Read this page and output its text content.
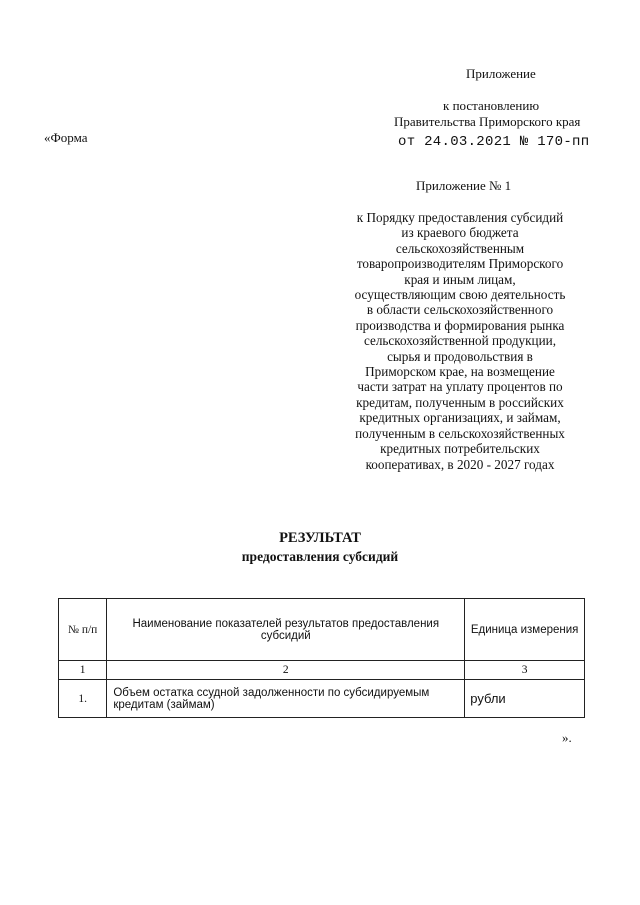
Приложение
к постановлению
Правительства Приморского края
«Форма	от 24.03.2021 № 170-пп
Приложение № 1
к Порядку предоставления субсидий
из краевого бюджета
сельскохозяйственным
товаропроизводителям Приморского
края и иным лицам,
осуществляющим свою деятельность
в области сельскохозяйственного
производства и формирования рынка
сельскохозяйственной продукции,
сырья и продовольствия в
Приморском крае, на возмещение
части затрат на уплату процентов по
кредитам, полученным в российских
кредитных организациях, и займам,
полученным в сельскохозяйственных
кредитных потребительских
кооперативах, в 2020 - 2027 годах
РЕЗУЛЬТАТ
предоставления субсидий
№ п/п	Наименование показателей результатов предоставления субсидий	Единица измерения
1	2	3
1.	Объем остатка ссудной задолженности по субсидируемым кредитам (займам)	рубли
».
